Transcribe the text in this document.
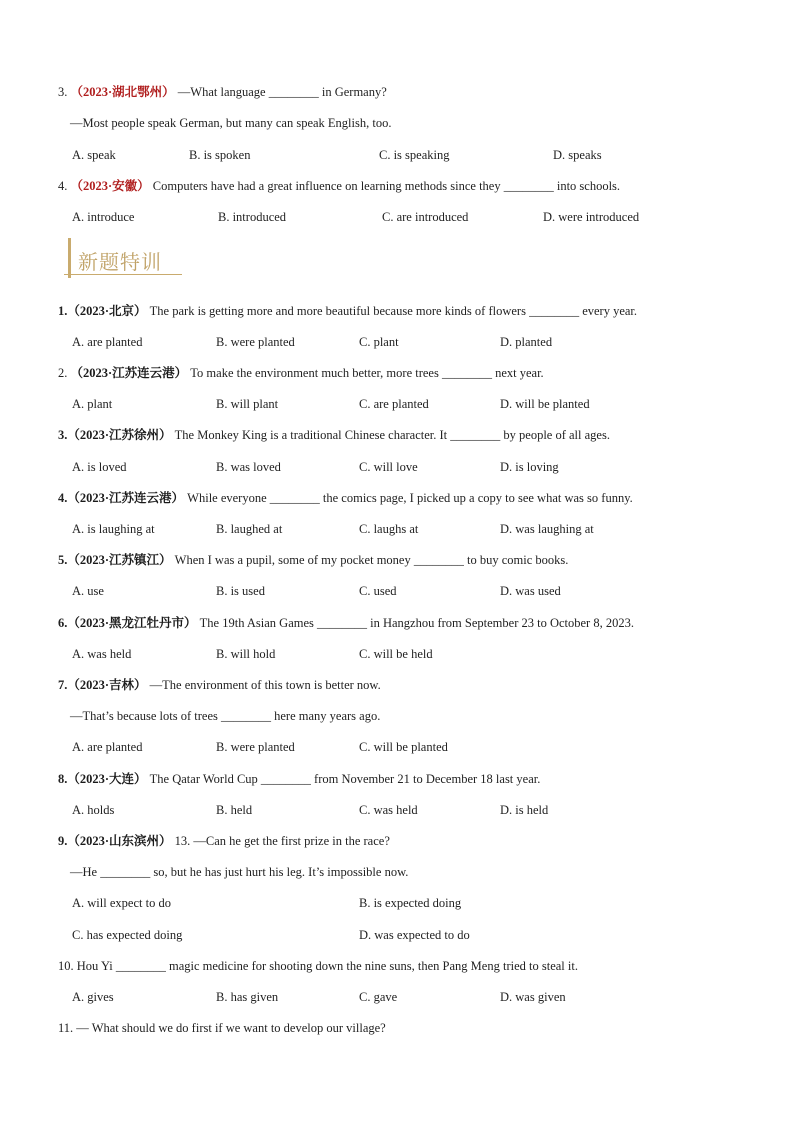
3. （2023·湖北鄂州） —What language ________ in Germany?
—Most people speak German, but many can speak English, too.
A. speak	B. is spoken	C. is speaking	D. speaks
4. （2023·安徽） Computers have had a great influence on learning methods since they ________ into schools.
A. introduce	B. introduced	C. are introduced	D. were introduced
新题特训
1.（2023·北京） The park is getting more and more beautiful because more kinds of flowers ________ every year.
A. are planted	B. were planted	C. plant	D. planted
2. （2023·江苏连云港） To make the environment much better, more trees ________ next year.
A. plant	B. will plant	C. are planted	D. will be planted
3.（2023·江苏徐州） The Monkey King is a traditional Chinese character. It ________ by people of all ages.
A. is loved	B. was loved	C. will love	D. is loving
4.（2023·江苏连云港） While everyone ________ the comics page, I picked up a copy to see what was so funny.
A. is laughing at	B. laughed at	C. laughs at	D. was laughing at
5.（2023·江苏镇江） When I was a pupil, some of my pocket money ________ to buy comic books.
A. use	B. is used	C. used	D. was used
6.（2023·黑龙江牡丹市） The 19th Asian Games ________ in Hangzhou from September 23 to October 8, 2023.
A. was held	B. will hold	C. will be held
7.（2023·吉林） —The environment of this town is better now.
—That’s because lots of trees ________ here many years ago.
A. are planted	B. were planted	C. will be planted
8.（2023·大连） The Qatar World Cup ________ from November 21 to December 18 last year.
A. holds	B. held	C. was held	D. is held
9.（2023·山东滨州） 13. —Can he get the first prize in the race?
—He ________ so, but he has just hurt his leg. It’s impossible now.
A. will expect to do	B. is expected doing
C. has expected doing	D. was expected to do
10. Hou Yi ________ magic medicine for shooting down the nine suns, then Pang Meng tried to steal it.
A. gives	B. has given	C. gave	D. was given
11. — What should we do first if we want to develop our village?
